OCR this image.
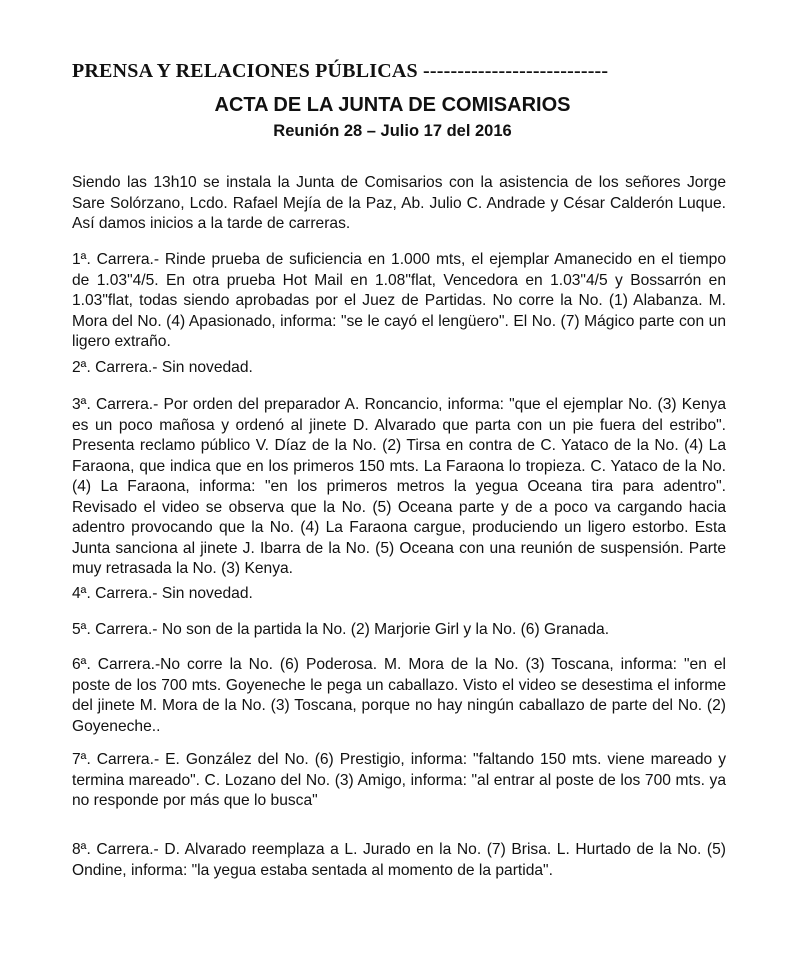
PRENSA Y RELACIONES PÚBLICAS ---------------------------
ACTA DE LA JUNTA DE COMISARIOS
Reunión 28 – Julio 17 del 2016
Siendo las 13h10 se instala la Junta de Comisarios con la asistencia de los señores Jorge Sare Solórzano, Lcdo. Rafael Mejía de la Paz, Ab. Julio C. Andrade y César Calderón Luque. Así damos inicios a la tarde de carreras.
1ª. Carrera.- Rinde prueba de suficiencia en 1.000 mts, el ejemplar Amanecido en el tiempo de 1.03"4/5. En otra prueba Hot Mail en 1.08"flat, Vencedora en 1.03"4/5 y Bossarrón en 1.03"flat, todas siendo aprobadas por el Juez de Partidas. No corre la No. (1) Alabanza. M. Mora del No. (4) Apasionado, informa: "se le cayó el lengüero". El No. (7) Mágico parte con un ligero extraño.
2ª. Carrera.- Sin novedad.
3ª. Carrera.- Por orden del preparador A. Roncancio, informa: "que el ejemplar No. (3) Kenya es un poco mañosa y ordenó al jinete D. Alvarado que parta con un pie fuera del estribo". Presenta reclamo público V. Díaz de la No. (2) Tirsa en contra de C. Yataco de la No. (4) La Faraona, que indica que en los primeros 150 mts. La Faraona lo tropieza. C. Yataco de la No. (4) La Faraona, informa: "en los primeros metros la yegua Oceana tira para adentro". Revisado el video se observa que la No. (5) Oceana parte y de a poco va cargando hacia adentro provocando que la No. (4) La Faraona cargue, produciendo un ligero estorbo. Esta Junta sanciona al jinete J. Ibarra de la No. (5) Oceana con una reunión de suspensión. Parte muy retrasada la No. (3) Kenya.
4ª. Carrera.- Sin novedad.
5ª. Carrera.- No son de la partida la No. (2) Marjorie Girl y la No. (6) Granada.
6ª. Carrera.-No corre la No. (6) Poderosa. M. Mora de la No. (3) Toscana, informa: "en el poste de los 700 mts. Goyeneche le pega un caballazo. Visto el video se desestima el informe del jinete M. Mora de la No. (3) Toscana, porque no hay ningún caballazo de parte del No. (2) Goyeneche..
7ª. Carrera.- E. González del No. (6) Prestigio, informa: "faltando 150 mts. viene mareado y termina mareado". C. Lozano del No. (3) Amigo, informa: "al entrar al poste de los 700 mts. ya no responde por más que lo busca"
8ª. Carrera.- D. Alvarado reemplaza a L. Jurado en la No. (7) Brisa. L. Hurtado de la No. (5) Ondine, informa: "la yegua estaba sentada al momento de la partida".
